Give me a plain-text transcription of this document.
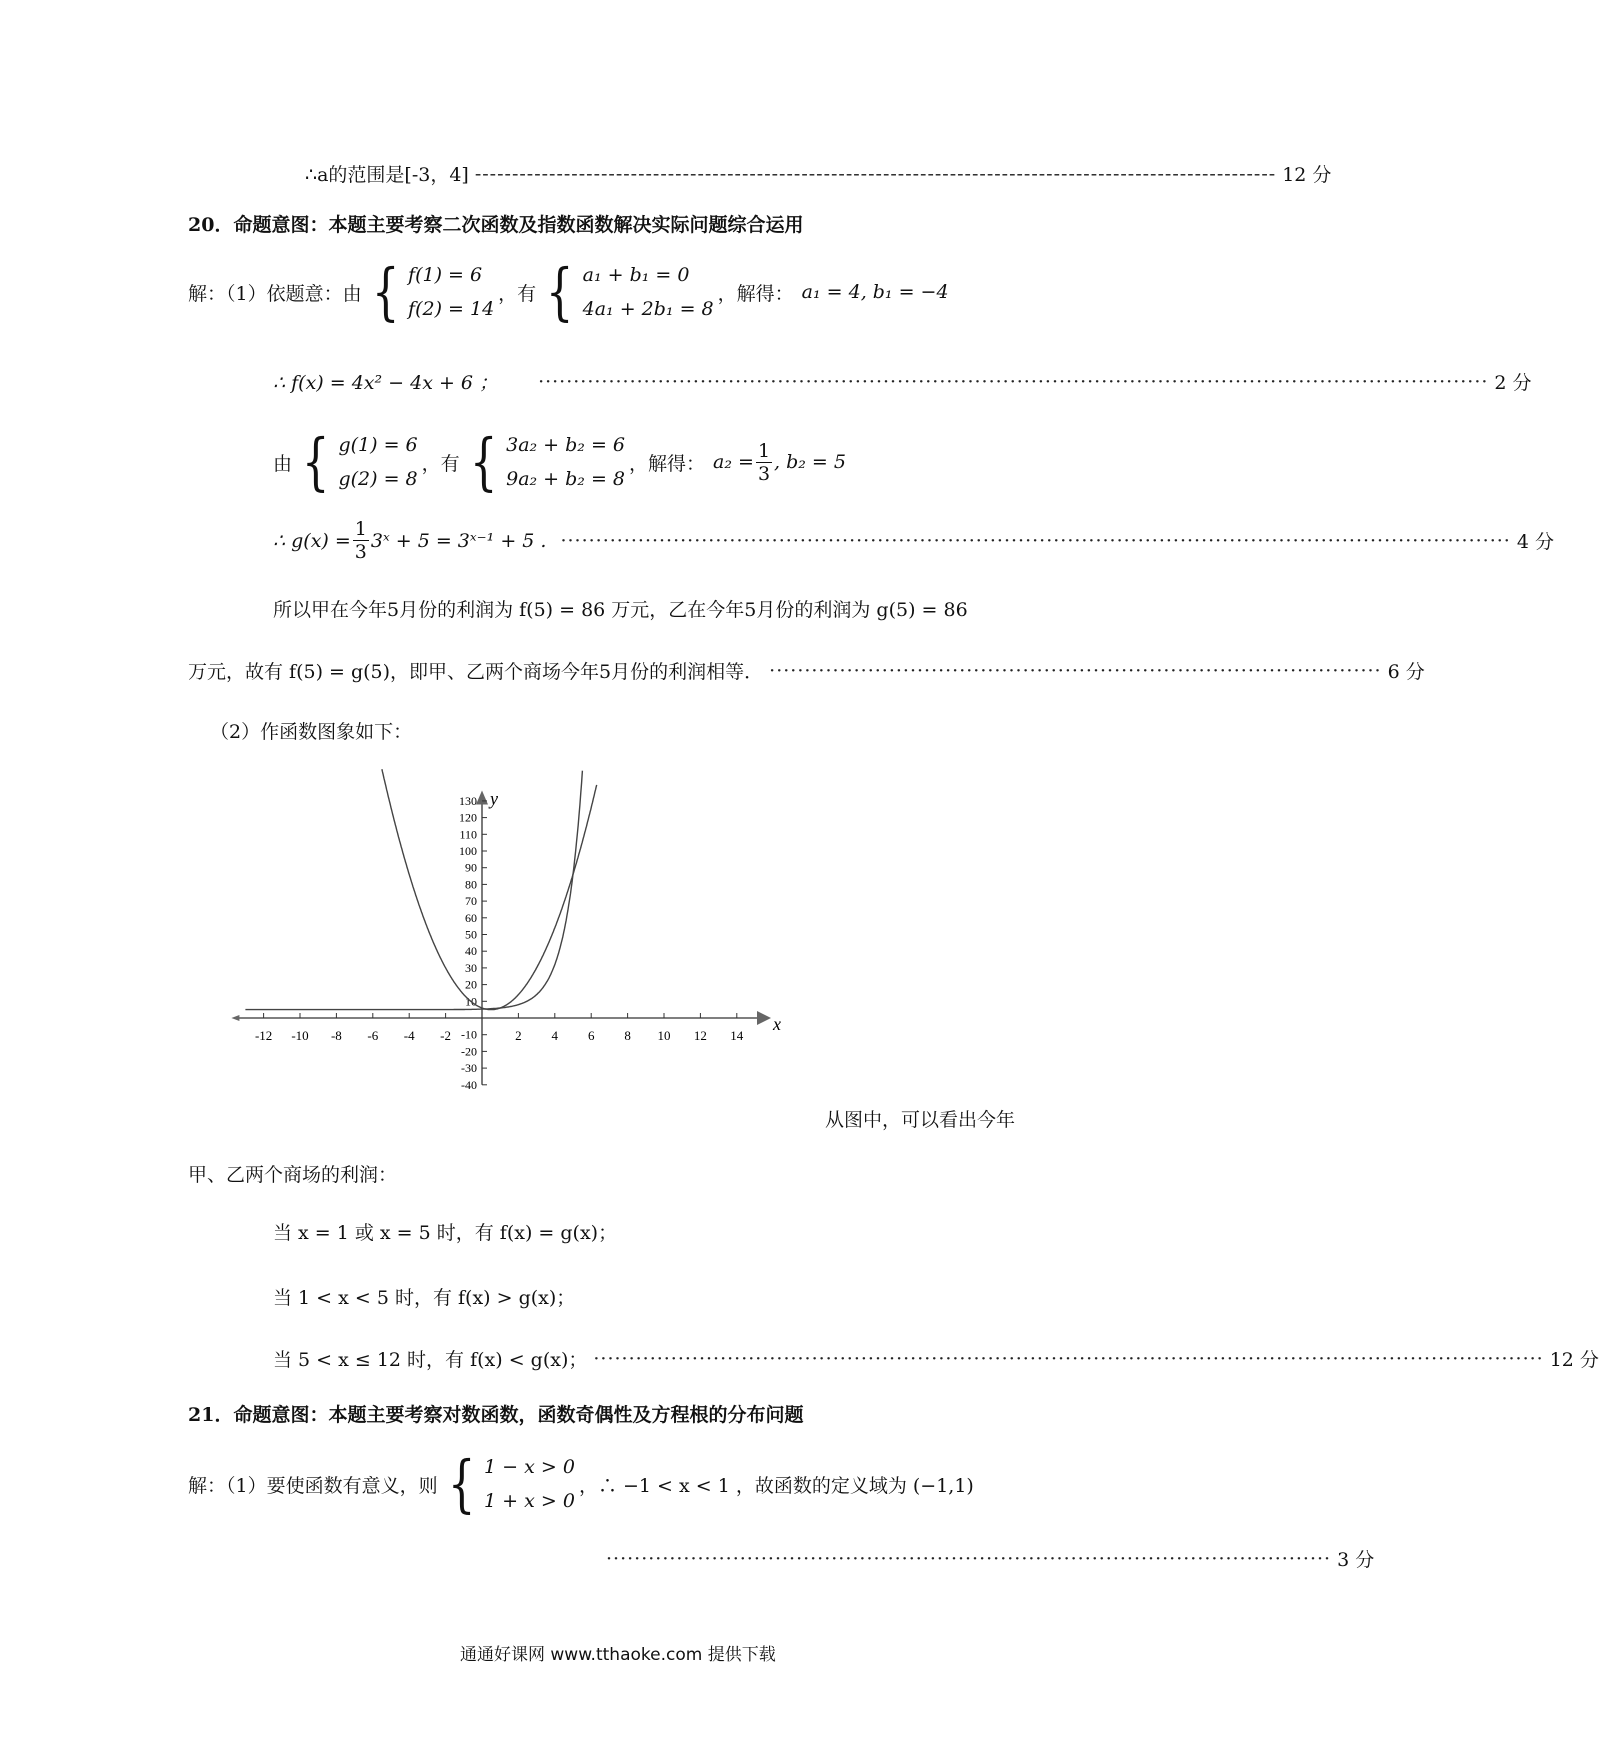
∴a的范围是[-3，4] ------------------------------------------------------------------------------------------------------------ 12 分
20．命题意图：本题主要考察二次函数及指数函数解决实际问题综合运用
解：（1）依题意：由 { f(1) = 6
f(2) = 14
，有 { a₁ + b₁ = 0
4a₁ + 2b₁ = 8
，解得： a₁ = 4, b₁ = −4
∴ f(x) = 4x² − 4x + 6 ； ······································································································································· 2 分
由 { g(1) = 6
g(2) = 8
，有 { 3a₂ + b₂ = 6
9a₂ + b₂ = 8
，解得： $a_2 = \frac{1}{3}$ , b₂ = 5
∴ $g(x) = \frac{1}{3}$ 3ˣ + 5 = 3ˣ⁻¹ + 5 . ······································································································································· 4 分
所以甲在今年5月份的利润为 f(5) = 86 万元，乙在今年5月份的利润为 g(5) = 86
万元，故有 f(5) = g(5)，即甲、乙两个商场今年5月份的利润相等． ······················································································· 6 分
（2）作函数图象如下：
x
y
-12 -10 -8 -6 -4 -2	2 4 6 8 10 12 14
-40
-30
-20
-10
10
20
30
40
50
60
70
80
90
100
110
120
130
从图中，可以看出今年
甲、乙两个商场的利润：
当 x = 1 或 x = 5 时，有 f(x) = g(x)；
当 1 < x < 5 时，有 f(x) > g(x)；
当 5 < x ≤ 12 时，有 f(x) < g(x)； ······································································································································· 12 分
21．命题意图：本题主要考察对数函数，函数奇偶性及方程根的分布问题
解：（1）要使函数有意义，则 { 1 − x > 0
1 + x > 0
，∴ −1 < x < 1 ，故函数的定义域为 (−1,1)
······································································································· 3 分
通通好课网 www.tthaoke.com 提供下载
